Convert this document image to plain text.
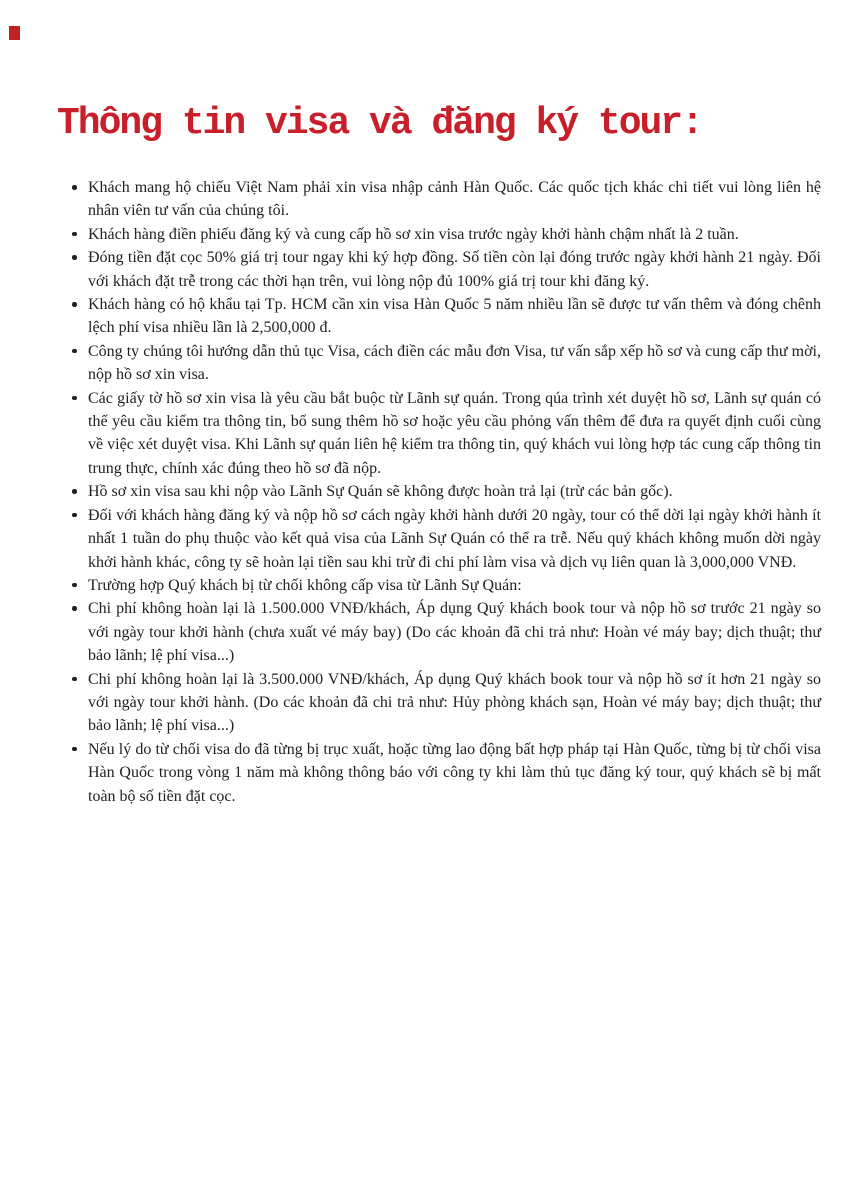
Thông tin visa và đăng ký tour:
Khách mang hộ chiếu Việt Nam phải xin visa nhập cảnh Hàn Quốc. Các quốc tịch khác chi tiết vui lòng liên hệ nhân viên tư vấn của chúng tôi.
Khách hàng điền phiếu đăng ký và cung cấp hồ sơ xin visa trước ngày khởi hành chậm nhất là 2 tuần.
Đóng tiền đặt cọc 50% giá trị tour ngay khi ký hợp đồng. Số tiền còn lại đóng trước ngày khởi hành 21 ngày. Đối với khách đặt trễ trong các thời hạn trên, vui lòng nộp đủ 100% giá trị tour khi đăng ký.
Khách hàng có hộ khẩu tại Tp. HCM cần xin visa Hàn Quốc 5 năm nhiều lần sẽ được tư vấn thêm và đóng chênh lệch phí visa nhiều lần là 2,500,000 đ.
Công ty chúng tôi hướng dẫn thủ tục Visa, cách điền các mẫu đơn Visa, tư vấn sắp xếp hồ sơ và cung cấp thư mời, nộp hồ sơ xin visa.
Các giấy tờ hồ sơ xin visa là yêu cầu bắt buộc từ Lãnh sự quán. Trong qúa trình xét duyệt hồ sơ, Lãnh sự quán có thể yêu cầu kiểm tra thông tin, bổ sung thêm hồ sơ hoặc yêu cầu phỏng vấn thêm để đưa ra quyết định cuối cùng về việc xét duyệt visa. Khi Lãnh sự quán liên hệ kiểm tra thông tin, quý khách vui lòng hợp tác cung cấp thông tin trung thực, chính xác đúng theo hồ sơ đã nộp.
Hồ sơ xin visa sau khi nộp vào Lãnh Sự Quán sẽ không được hoàn trả lại (trừ các bản gốc).
Đối với khách hàng đăng ký và nộp hồ sơ cách ngày khởi hành dưới 20 ngày, tour có thể dời lại ngày khởi hành ít nhất 1 tuần do phụ thuộc vào kết quả visa của Lãnh Sự Quán có thể ra trễ. Nếu quý khách không muốn dời ngày khởi hành khác, công ty sẽ hoàn lại tiền sau khi trừ đi chi phí làm visa và dịch vụ liên quan là 3,000,000 VNĐ.
Trường hợp Quý khách bị từ chối không cấp visa từ Lãnh Sự Quán:
Chi phí không hoàn lại là 1.500.000 VNĐ/khách, Áp dụng Quý khách book tour và nộp hồ sơ trước 21 ngày so với ngày tour khởi hành (chưa xuất vé máy bay) (Do các khoản đã chi trả như: Hoàn vé máy bay; dịch thuật; thư bảo lãnh; lệ phí visa...)
Chi phí không hoàn lại là 3.500.000 VNĐ/khách, Áp dụng Quý khách book tour và nộp hồ sơ ít hơn 21 ngày so với ngày tour khởi hành. (Do các khoản đã chi trả như: Hủy phòng khách sạn, Hoàn vé máy bay; dịch thuật; thư bảo lãnh; lệ phí visa...)
Nếu lý do từ chối visa do đã từng bị trục xuất, hoặc từng lao động bất hợp pháp tại Hàn Quốc, từng bị từ chối visa Hàn Quốc trong vòng 1 năm mà không thông báo với công ty khi làm thủ tục đăng ký tour, quý khách sẽ bị mất toàn bộ số tiền đặt cọc.
